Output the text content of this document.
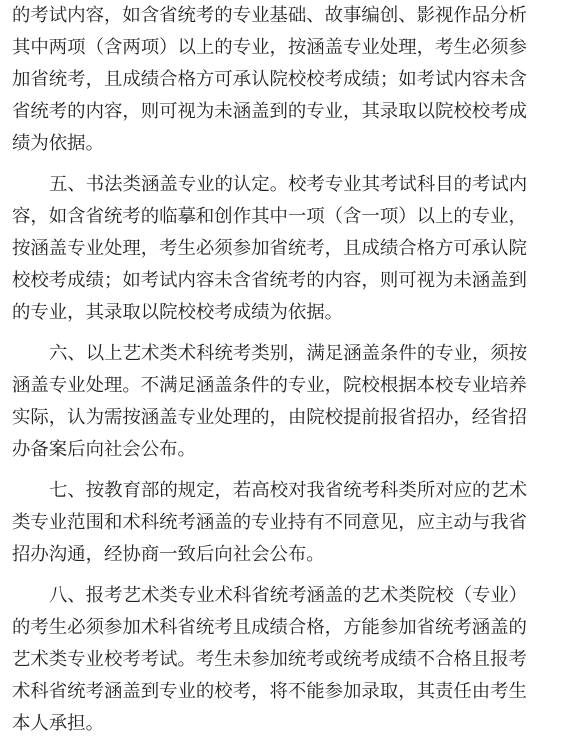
的考试内容，如含省统考的专业基础、故事编创、影视作品分析
其中两项（含两项）以上的专业，按涵盖专业处理，考生必须参
加省统考，且成绩合格方可承认院校校考成绩；如考试内容未含
省统考的内容，则可视为未涵盖到的专业，其录取以院校校考成
绩为依据。
五、书法类涵盖专业的认定。校考专业其考试科目的考试内
容，如含省统考的临摹和创作其中一项（含一项）以上的专业，
按涵盖专业处理，考生必须参加省统考，且成绩合格方可承认院
校校考成绩；如考试内容未含省统考的内容，则可视为未涵盖到
的专业，其录取以院校校考成绩为依据。
六、以上艺术类术科统考类别，满足涵盖条件的专业，须按
涵盖专业处理。不满足涵盖条件的专业，院校根据本校专业培养
实际，认为需按涵盖专业处理的，由院校提前报省招办，经省招
办备案后向社会公布。
七、按教育部的规定，若高校对我省统考科类所对应的艺术
类专业范围和术科统考涵盖的专业持有不同意见，应主动与我省
招办沟通，经协商一致后向社会公布。
八、报考艺术类专业术科省统考涵盖的艺术类院校（专业）
的考生必须参加术科省统考且成绩合格，方能参加省统考涵盖的
艺术类专业校考考试。考生未参加统考或统考成绩不合格且报考
术科省统考涵盖到专业的校考，将不能参加录取，其责任由考生
本人承担。
